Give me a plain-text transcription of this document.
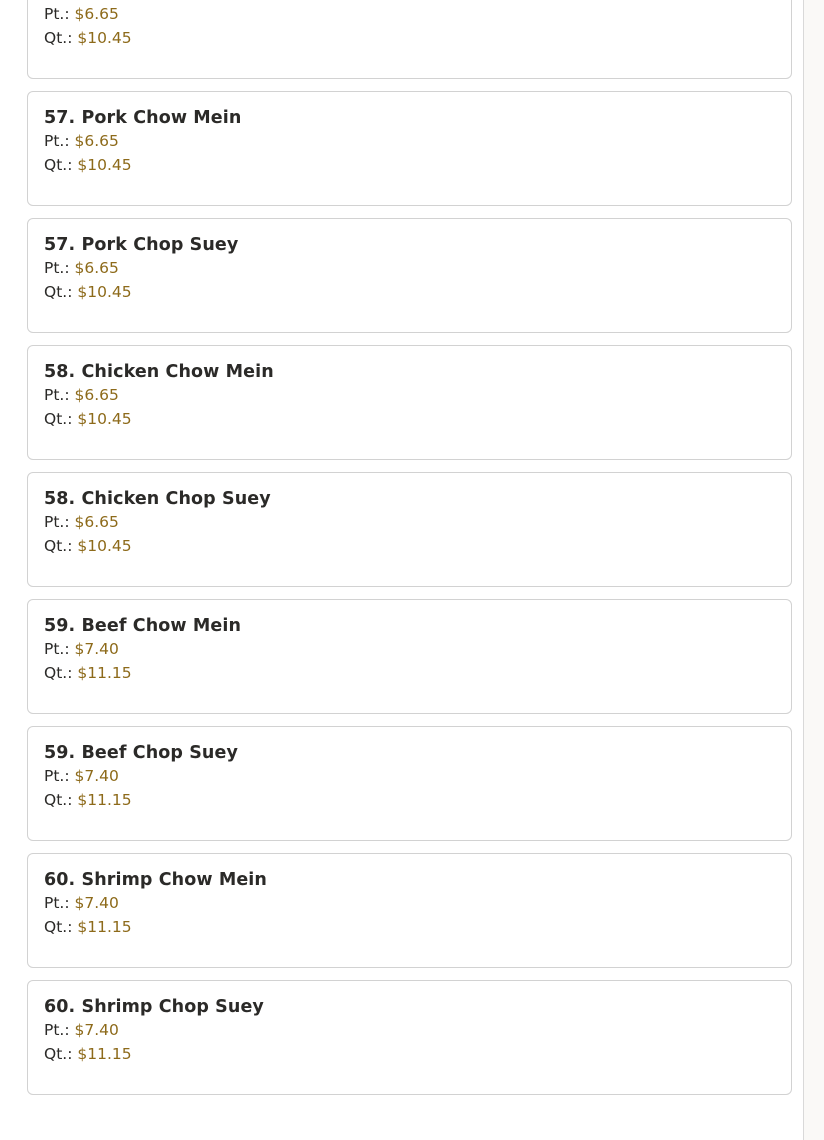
Pt.: $6.65
Qt.: $10.45
57. Pork Chow Mein
Pt.: $6.65
Qt.: $10.45
57. Pork Chop Suey
Pt.: $6.65
Qt.: $10.45
58. Chicken Chow Mein
Pt.: $6.65
Qt.: $10.45
58. Chicken Chop Suey
Pt.: $6.65
Qt.: $10.45
59. Beef Chow Mein
Pt.: $7.40
Qt.: $11.15
59. Beef Chop Suey
Pt.: $7.40
Qt.: $11.15
60. Shrimp Chow Mein
Pt.: $7.40
Qt.: $11.15
60. Shrimp Chop Suey
Pt.: $7.40
Qt.: $11.15
